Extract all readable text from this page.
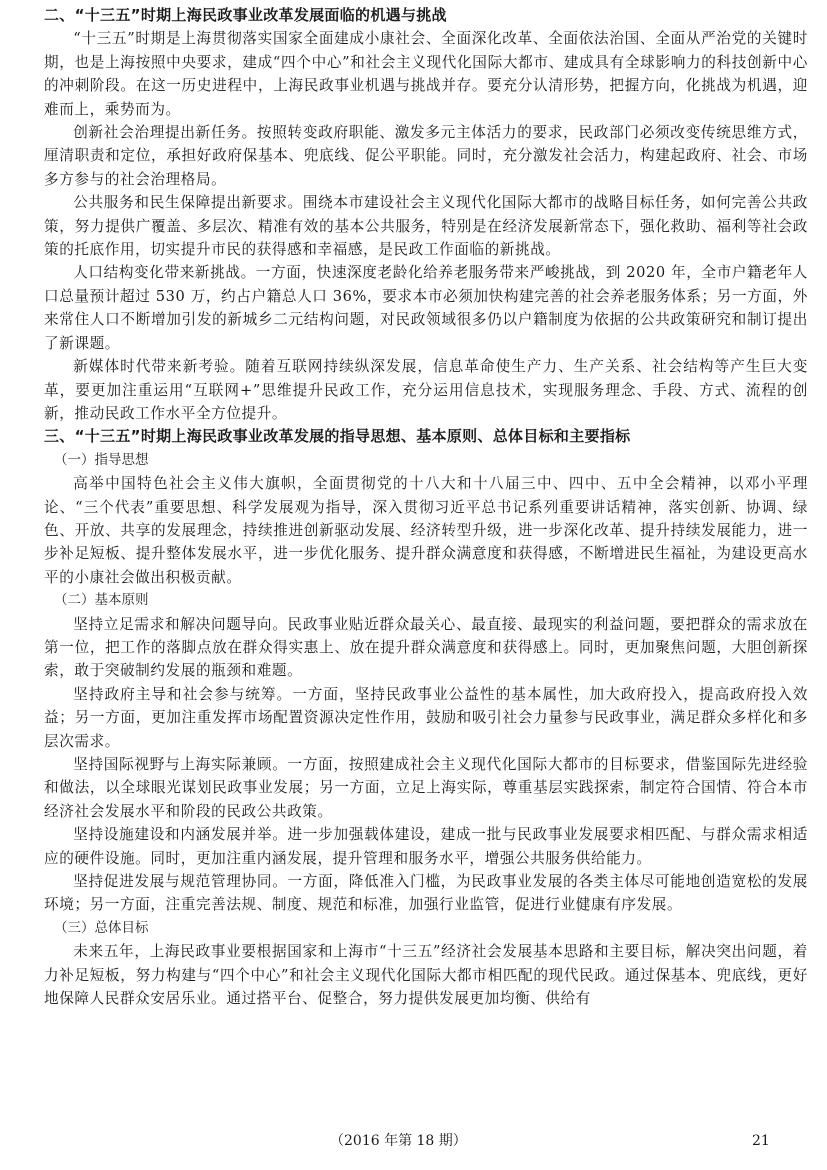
二、“十三五”时期上海民政事业改革发展面临的机遇与挑战

“十三五”时期是上海贯彻落实国家全面建成小康社会、全面深化改革、全面依法治国、全面从严治党的关键时期，也是上海按照中央要求，建成“四个中心”和社会主义现代化国际大都市、建成具有全球影响力的科技创新中心的冲刺阶段。在这一历史进程中，上海民政事业机遇与挑战并存。要充分认清形势，把握方向，化挑战为机遇，迎难而上，乘势而为。

创新社会治理提出新任务。按照转变政府职能、激发多元主体活力的要求，民政部门必须改变传统思维方式，厘清职责和定位，承担好政府保基本、兜底线、促公平职能。同时，充分激发社会活力，构建起政府、社会、市场多方参与的社会治理格局。

公共服务和民生保障提出新要求。围绕本市建设社会主义现代化国际大都市的战略目标任务，如何完善公共政策，努力提供广覆盖、多层次、精准有效的基本公共服务，特别是在经济发展新常态下，强化救助、福利等社会政策的托底作用，切实提升市民的获得感和幸福感，是民政工作面临的新挑战。

人口结构变化带来新挑战。一方面，快速深度老龄化给养老服务带来严峻挑战，到 2020 年，全市户籍老年人口总量预计超过 530 万，约占户籍总人口 36%，要求本市必须加快构建完善的社会养老服务体系；另一方面，外来常住人口不断增加引发的新城乡二元结构问题，对民政领域很多仍以户籍制度为依据的公共政策研究和制订提出了新课题。

新媒体时代带来新考验。随着互联网持续纵深发展，信息革命使生产力、生产关系、社会结构等产生巨大变革，要更加注重运用“互联网+”思维提升民政工作，充分运用信息技术，实现服务理念、手段、方式、流程的创新，推动民政工作水平全方位提升。

三、“十三五”时期上海民政事业改革发展的指导思想、基本原则、总体目标和主要指标
（一）指导思想

高举中国特色社会主义伟大旗帜，全面贯彻党的十八大和十八届三中、四中、五中全会精神，以邓小平理论、“三个代表”重要思想、科学发展观为指导，深入贯彻习近平总书记系列重要讲话精神，落实创新、协调、绿色、开放、共享的发展理念，持续推进创新驱动发展、经济转型升级，进一步深化改革、提升持续发展能力，进一步补足短板、提升整体发展水平，进一步优化服务、提升群众满意度和获得感，不断增进民生福祉，为建设更高水平的小康社会做出积极贡献。

（二）基本原则

坚持立足需求和解决问题导向。民政事业贴近群众最关心、最直接、最现实的利益问题，要把群众的需求放在第一位，把工作的落脚点放在群众得实惠上、放在提升群众满意度和获得感上。同时，更加聚焦问题，大胆创新探索，敢于突破制约发展的瓶颈和难题。

坚持政府主导和社会参与统筹。一方面，坚持民政事业公益性的基本属性，加大政府投入，提高政府投入效益；另一方面，更加注重发挥市场配置资源决定性作用，鼓励和吸引社会力量参与民政事业，满足群众多样化和多层次需求。

坚持国际视野与上海实际兼顾。一方面，按照建成社会主义现代化国际大都市的目标要求，借鉴国际先进经验和做法，以全球眼光谋划民政事业发展；另一方面，立足上海实际，尊重基层实践探索，制定符合国情、符合本市经济社会发展水平和阶段的民政公共政策。

坚持设施建设和内涵发展并举。进一步加强载体建设，建成一批与民政事业发展要求相匹配、与群众需求相适应的硬件设施。同时，更加注重内涵发展，提升管理和服务水平，增强公共服务供给能力。

坚持促进发展与规范管理协同。一方面，降低准入门槛，为民政事业发展的各类主体尽可能地创造宽松的发展环境；另一方面，注重完善法规、制度、规范和标准，加强行业监管，促进行业健康有序发展。

（三）总体目标

未来五年，上海民政事业要根据国家和上海市“十三五”经济社会发展基本思路和主要目标，解决突出问题，着力补足短板，努力构建与“四个中心”和社会主义现代化国际大都市相匹配的现代民政。通过保基本、兜底线，更好地保障人民群众安居乐业。通过搭平台、促整合，努力提供发展更加均衡、供给有

（2016 年第 18 期）	21
